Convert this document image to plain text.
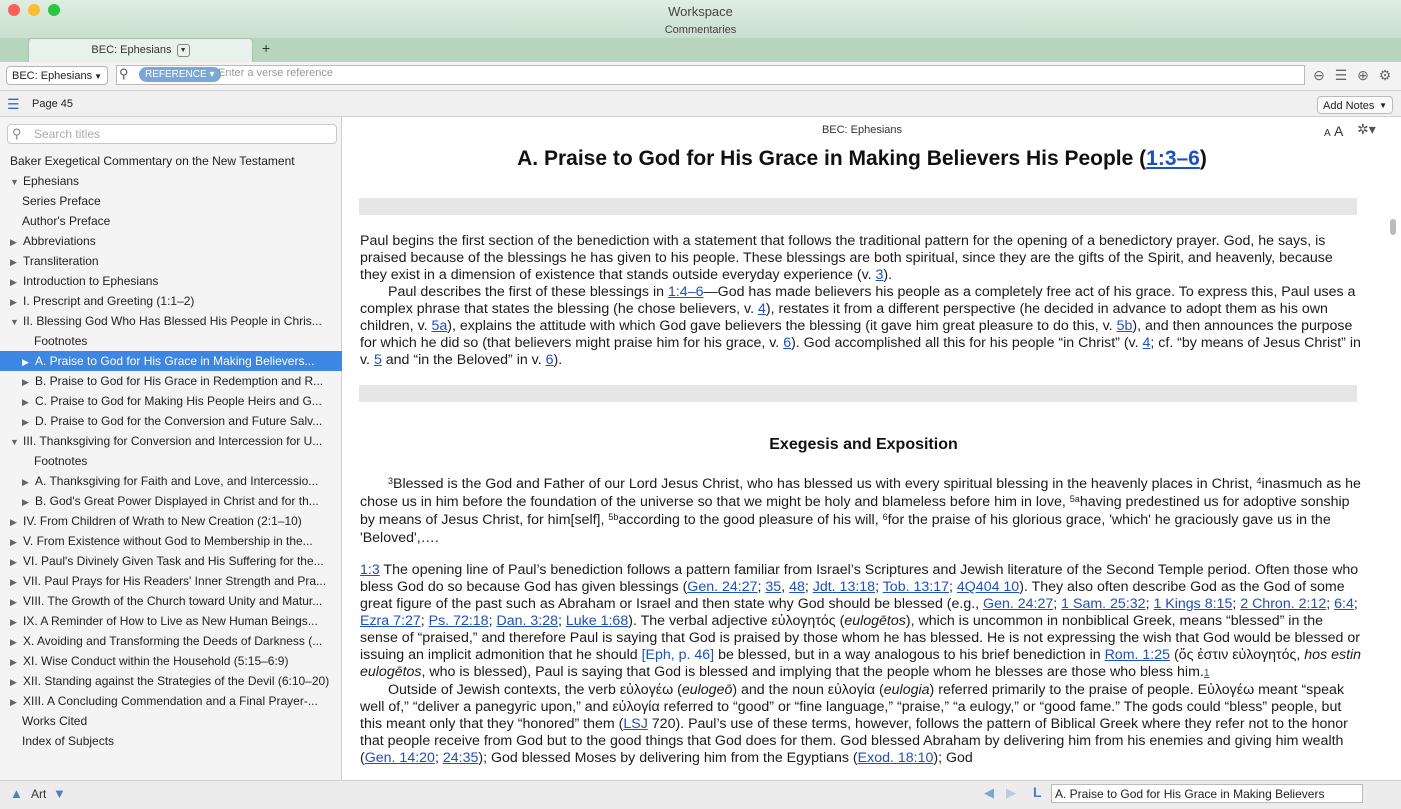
Workspace
Commentaries
BEC: Ephesians ▼	+
BEC: Ephesians ▼ ⚲	REFERENCE ▾ Enter a verse reference	⊖ ☰ ⊕ ⚙
☰ Page 45	Add Notes ▼
⚲ Search titles
Baker Exegetical Commentary on the New Testament
▼ Ephesians
Series Preface
Author's Preface
▶ Abbreviations
▶ Transliteration
▶ Introduction to Ephesians
▶ I. Prescript and Greeting (1:1–2)
▼ II. Blessing God Who Has Blessed His People in Chris...
Footnotes
▶ A. Praise to God for His Grace in Making Believers...
▶ B. Praise to God for His Grace in Redemption and R...
▶ C. Praise to God for Making His People Heirs and G...
▶ D. Praise to God for the Conversion and Future Salv...
▼ III. Thanksgiving for Conversion and Intercession for U...
Footnotes
▶ A. Thanksgiving for Faith and Love, and Intercessio...
▶ B. God's Great Power Displayed in Christ and for th...
▶ IV. From Children of Wrath to New Creation (2:1–10)
▶ V. From Existence without God to Membership in the...
▶ VI. Paul's Divinely Given Task and His Suffering for the...
▶ VII. Paul Prays for His Readers' Inner Strength and Pra...
▶ VIII. The Growth of the Church toward Unity and Matur...
▶ IX. A Reminder of How to Live as New Human Beings...
▶ X. Avoiding and Transforming the Deeds of Darkness (...
▶ XI. Wise Conduct within the Household (5:15–6:9)
▶ XII. Standing against the Strategies of the Devil (6:10–20)
▶ XIII. A Concluding Commendation and a Final Prayer-...
Works Cited
Index of Subjects
BEC: Ephesians	A A ✲▾
A. Praise to God for His Grace in Making Believers His People (1:3–6)

Paul begins the first section of the benediction with a statement that follows the traditional pattern for the opening of a benedictory prayer. God, he says, is praised because of the blessings he has given to his people. These blessings are both spiritual, since they are the gifts of the Spirit, and heavenly, because they exist in a dimension of existence that stands outside everyday experience (v. 3).

Paul describes the first of these blessings in 1:4–6—God has made believers his people as a completely free act of his grace. To express this, Paul uses a complex phrase that states the blessing (he chose believers, v. 4), restates it from a different perspective (he decided in advance to adopt them as his own children, v. 5a), explains the attitude with which God gave believers the blessing (it gave him great pleasure to do this, v. 5b), and then announces the purpose for which he did so (that believers might praise him for his grace, v. 6). God accomplished all this for his people “in Christ” (v. 4; cf. “by means of Jesus Christ” in v. 5 and “in the Beloved” in v. 6).

Exegesis and Exposition

$^3$Blessed is the God and Father of our Lord Jesus Christ, who has blessed us with every spiritual blessing in the heavenly places in Christ, $^4$inasmuch as he chose us in him before the foundation of the universe so that we might be holy and blameless before him in love, $^{5a}$having predestined us for adoptive sonship by means of Jesus Christ, for him[self], $^{5b}$according to the good pleasure of his will, $^6$for the praise of his glorious grace, ʹwhichʹ he graciously gave us in the ʹBelovedʹ,….

1:3 The opening line of Paul’s benediction follows a pattern familiar from Israel’s Scriptures and Jewish literature of the Second Temple period. Often those who bless God do so because God has given blessings (Gen. 24:27; 35, 48; Jdt. 13:18; Tob. 13:17; 4Q404 10). They also often describe God as the God of some great figure of the past such as Abraham or Israel and then state why God should be blessed (e.g., Gen. 24:27; 1 Sam. 25:32; 1 Kings 8:15; 2 Chron. 2:12; 6:4; Ezra 7:27; Ps. 72:18; Dan. 3:28; Luke 1:68). The verbal adjective εὐλογητός (eulogētos), which is uncommon in nonbiblical Greek, means “blessed” in the sense of “praised,” and therefore Paul is saying that God is praised by those whom he has blessed. He is not expressing the wish that God would be blessed or issuing an implicit admonition that he should [Eph, p. 46] be blessed, but in a way analogous to his brief benediction in Rom. 1:25 (ὅς ἐστιν εὐλογητός, hos estin eulogētos, who is blessed), Paul is saying that God is blessed and implying that the people whom he blesses are those who bless him.1

Outside of Jewish contexts, the verb εὐλογέω (eulogeō) and the noun εὐλογία (eulogia) referred primarily to the praise of people. Εὐλογέω meant “speak well of,” “deliver a panegyric upon,” and εὐλογία referred to “good” or “fine language,” “praise,” “a eulogy,” or “good fame.” The gods could “bless” people, but this meant only that they “honored” them (LSJ 720). Paul’s use of these terms, however, follows the pattern of Biblical Greek where they refer not to the honor that people receive from God but to the good things that God does for them. God blessed Abraham by delivering him from his enemies and giving him wealth (Gen. 14:20; 24:35); God blessed Moses by delivering him from the Egyptians (Exod. 18:10); God

▲ Art ▼	◀ ▶ L	A. Praise to God for His Grace in Making Believers
